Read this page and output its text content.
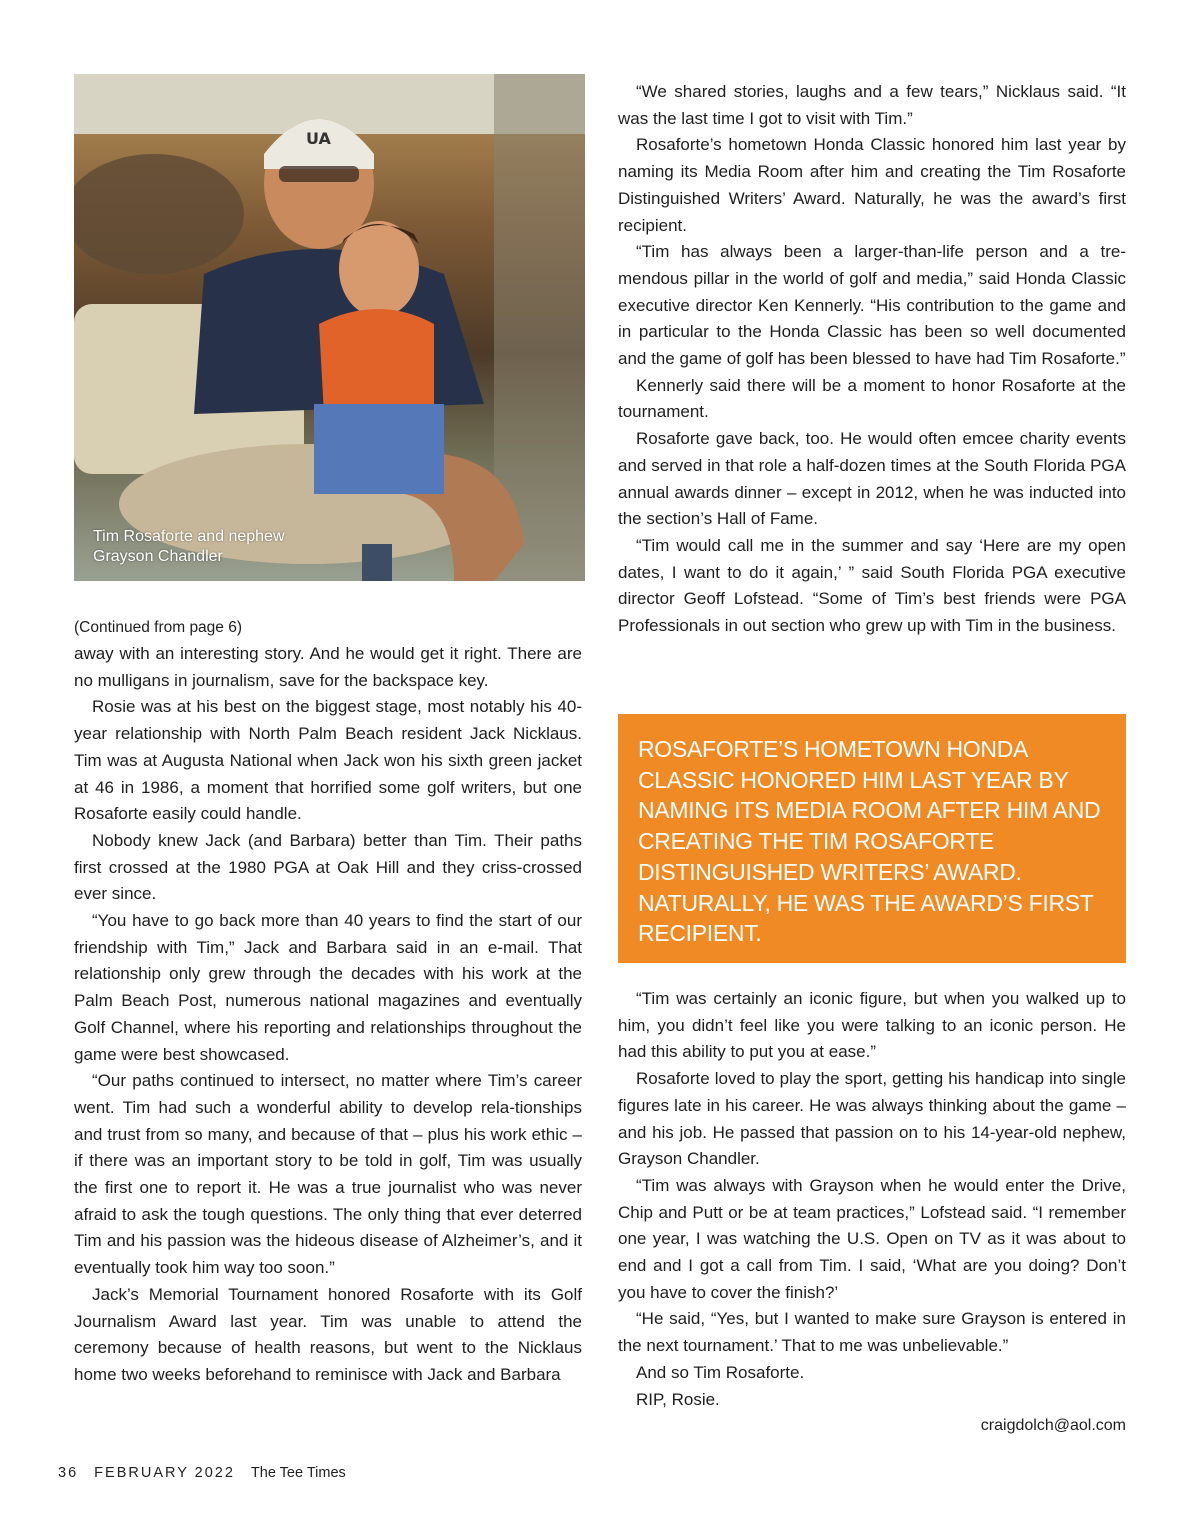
UA
Tim Rosaforte and nephew
Grayson Chandler

(Continued from page 6)

away with an interesting story. And he would get it right. There are no mulligans in journalism, save for the backspace key.

Rosie was at his best on the biggest stage, most notably his 40-year relationship with North Palm Beach resident Jack Nicklaus. Tim was at Augusta National when Jack won his sixth green jacket at 46 in 1986, a moment that horrified some golf writers, but one Rosaforte easily could handle.

Nobody knew Jack (and Barbara) better than Tim. Their paths first crossed at the 1980 PGA at Oak Hill and they criss-crossed ever since.

“You have to go back more than 40 years to find the start of our friendship with Tim,” Jack and Barbara said in an e-mail. That relationship only grew through the decades with his work at the Palm Beach Post, numerous national magazines and eventually Golf Channel, where his reporting and relationships throughout the game were best showcased.

“Our paths continued to intersect, no matter where Tim’s career went. Tim had such a wonderful ability to develop rela-tionships and trust from so many, and because of that – plus his work ethic – if there was an important story to be told in golf, Tim was usually the first one to report it. He was a true journalist who was never afraid to ask the tough questions. The only thing that ever deterred Tim and his passion was the hideous disease of Alzheimer’s, and it eventually took him way too soon.”

Jack’s Memorial Tournament honored Rosaforte with its Golf Journalism Award last year. Tim was unable to attend the ceremony because of health reasons, but went to the Nicklaus home two weeks beforehand to reminisce with Jack and Barbara

“We shared stories, laughs and a few tears,” Nicklaus said. “It was the last time I got to visit with Tim.”

Rosaforte’s hometown Honda Classic honored him last year by naming its Media Room after him and creating the Tim Rosaforte Distinguished Writers’ Award. Naturally, he was the award’s first recipient.

“Tim has always been a larger-than-life person and a tre-mendous pillar in the world of golf and media,” said Honda Classic executive director Ken Kennerly. “His contribution to the game and in particular to the Honda Classic has been so well documented and the game of golf has been blessed to have had Tim Rosaforte.”

Kennerly said there will be a moment to honor Rosaforte at the tournament.

Rosaforte gave back, too. He would often emcee charity events and served in that role a half-dozen times at the South Florida PGA annual awards dinner – except in 2012, when he was inducted into the section’s Hall of Fame.

“Tim would call me in the summer and say ‘Here are my open dates, I want to do it again,’ ” said South Florida PGA executive director Geoff Lofstead. “Some of Tim’s best friends were PGA Professionals in out section who grew up with Tim in the business.

ROSAFORTE’S HOMETOWN HONDA CLASSIC HONORED HIM LAST YEAR BY NAMING ITS MEDIA ROOM AFTER HIM AND CREATING THE TIM ROSAFORTE DISTINGUISHED WRITERS’ AWARD. NATURALLY, HE WAS THE AWARD’S FIRST RECIPIENT.

“Tim was certainly an iconic figure, but when you walked up to him, you didn’t feel like you were talking to an iconic person. He had this ability to put you at ease.”

Rosaforte loved to play the sport, getting his handicap into single figures late in his career. He was always thinking about the game – and his job. He passed that passion on to his 14-year-old nephew, Grayson Chandler.

“Tim was always with Grayson when he would enter the Drive, Chip and Putt or be at team practices,” Lofstead said. “I remember one year, I was watching the U.S. Open on TV as it was about to end and I got a call from Tim. I said, ‘What are you doing? Don’t you have to cover the finish?’

“He said, “Yes, but I wanted to make sure Grayson is entered in the next tournament.’ That to me was unbelievable.”

And so Tim Rosaforte.

RIP, Rosie.

craigdolch@aol.com
36 FEBRUARY 2022 The Tee Times
